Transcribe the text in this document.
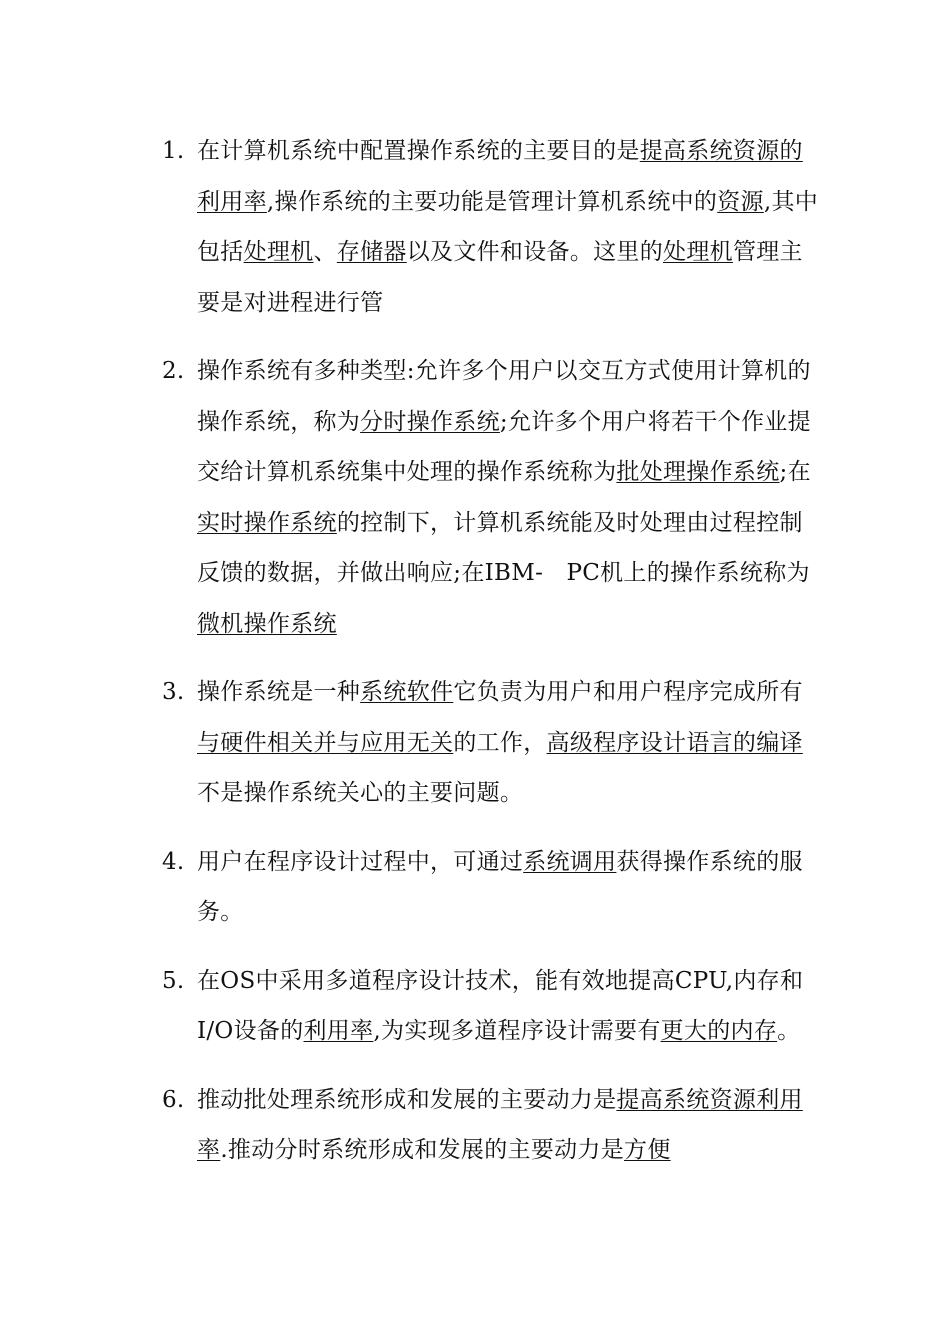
1. 在计算机系统中配置操作系统的主要目的是提高系统资源的利用率,操作系统的主要功能是管理计算机系统中的资源,其中包括处理机、存储器以及文件和设备。这里的处理机管理主要是对进程进行管
2. 操作系统有多种类型:允许多个用户以交互方式使用计算机的操作系统，称为分时操作系统;允许多个用户将若干个作业提交给计算机系统集中处理的操作系统称为批处理操作系统;在实时操作系统的控制下，计算机系统能及时处理由过程控制反馈的数据，并做出响应;在IBM-　PC机上的操作系统称为微机操作系统
3. 操作系统是一种系统软件它负责为用户和用户程序完成所有与硬件相关并与应用无关的工作，高级程序设计语言的编译不是操作系统关心的主要问题。
4. 用户在程序设计过程中，可通过系统调用获得操作系统的服务。
5. 在OS中采用多道程序设计技术，能有效地提高CPU,内存和I/O设备的利用率,为实现多道程序设计需要有更大的内存。
6. 推动批处理系统形成和发展的主要动力是提高系统资源利用率.推动分时系统形成和发展的主要动力是方便
